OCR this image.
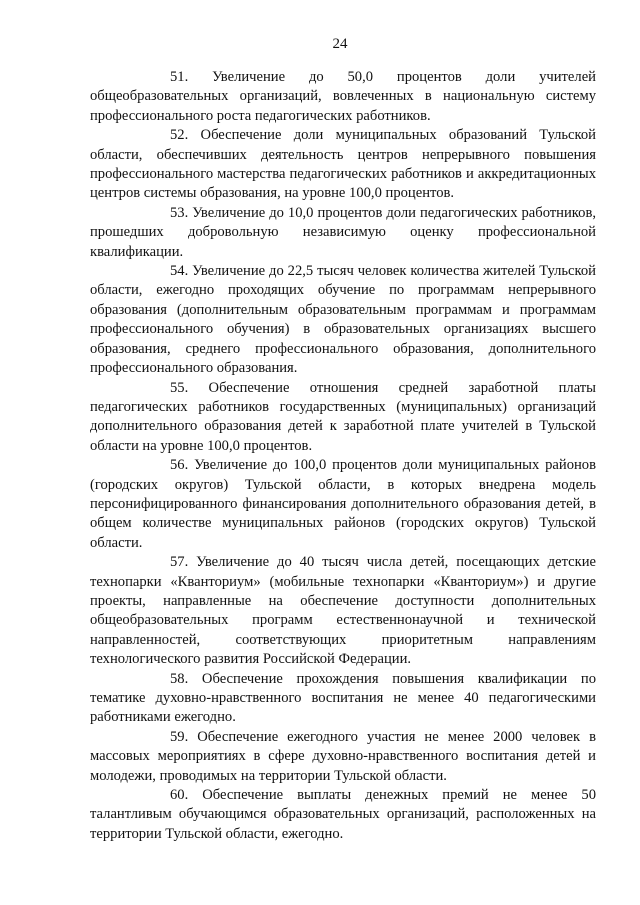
24

51. Увеличение до 50,0 процентов доли учителей общеобразовательных организаций, вовлеченных в национальную систему профессионального роста педагогических работников.

52. Обеспечение доли муниципальных образований Тульской области, обеспечивших деятельность центров непрерывного повышения профессионального мастерства педагогических работников и аккредитационных центров системы образования, на уровне 100,0 процентов.

53. Увеличение до 10,0 процентов доли педагогических работников, прошедших добровольную независимую оценку профессиональной квалификации.

54. Увеличение до 22,5 тысяч человек количества жителей Тульской области, ежегодно проходящих обучение по программам непрерывного образования (дополнительным образовательным программам и программам профессионального обучения) в образовательных организациях высшего образования, среднего профессионального образования, дополнительного профессионального образования.

55. Обеспечение отношения средней заработной платы педагогических работников государственных (муниципальных) организаций дополнительного образования детей к заработной плате учителей в Тульской области на уровне 100,0 процентов.

56. Увеличение до 100,0 процентов доли муниципальных районов (городских округов) Тульской области, в которых внедрена модель персонифицированного финансирования дополнительного образования детей, в общем количестве муниципальных районов (городских округов) Тульской области.

57. Увеличение до 40 тысяч числа детей, посещающих детские технопарки «Кванториум» (мобильные технопарки «Кванториум») и другие проекты, направленные на обеспечение доступности дополнительных общеобразовательных программ естественнонаучной и технической направленностей, соответствующих приоритетным направлениям технологического развития Российской Федерации.

58. Обеспечение прохождения повышения квалификации по тематике духовно-нравственного воспитания не менее 40 педагогическими работниками ежегодно.

59. Обеспечение ежегодного участия не менее 2000 человек в массовых мероприятиях в сфере духовно-нравственного воспитания детей и молодежи, проводимых на территории Тульской области.

60. Обеспечение выплаты денежных премий не менее 50 талантливым обучающимся образовательных организаций, расположенных на территории Тульской области, ежегодно.
